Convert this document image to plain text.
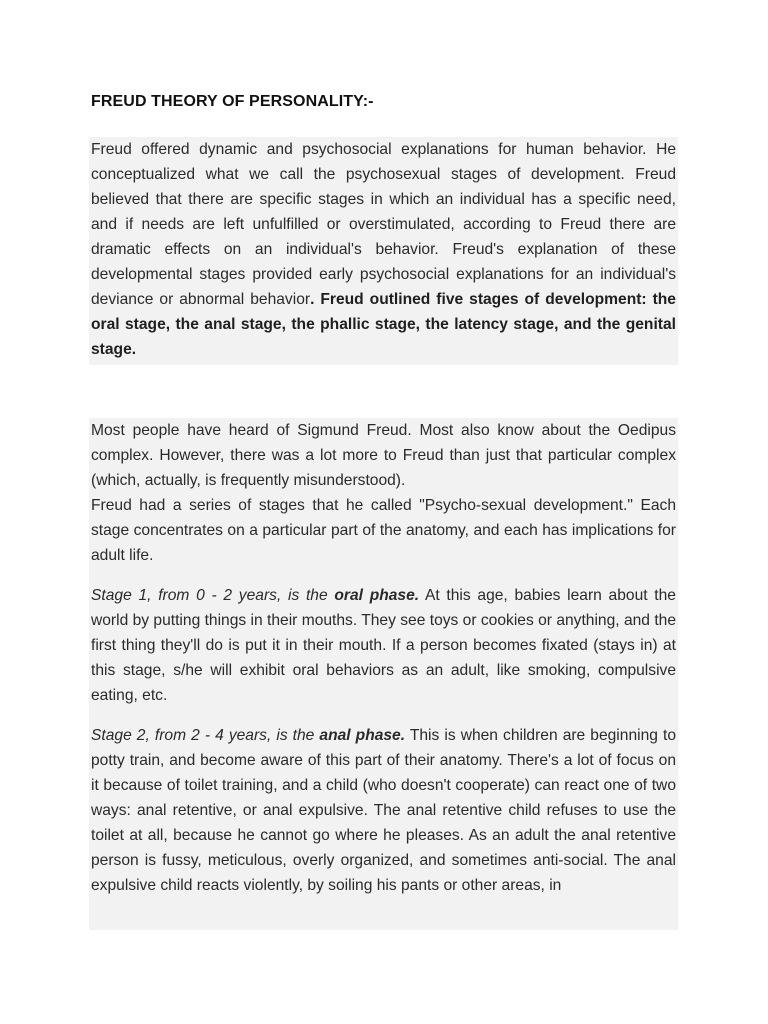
FREUD THEORY OF PERSONALITY:-

Freud offered dynamic and psychosocial explanations for human behavior. He conceptualized what we call the psychosexual stages of development. Freud believed that there are specific stages in which an individual has a specific need, and if needs are left unfulfilled or overstimulated, according to Freud there are dramatic effects on an individual's behavior. Freud's explanation of these developmental stages provided early psychosocial explanations for an individual's deviance or abnormal behavior. Freud outlined five stages of development: the oral stage, the anal stage, the phallic stage, the latency stage, and the genital stage.

Most people have heard of Sigmund Freud. Most also know about the Oedipus complex. However, there was a lot more to Freud than just that particular complex (which, actually, is frequently misunderstood).

Freud had a series of stages that he called "Psycho-sexual development." Each stage concentrates on a particular part of the anatomy, and each has implications for adult life.

Stage 1, from 0 - 2 years, is the oral phase. At this age, babies learn about the world by putting things in their mouths. They see toys or cookies or anything, and the first thing they'll do is put it in their mouth. If a person becomes fixated (stays in) at this stage, s/he will exhibit oral behaviors as an adult, like smoking, compulsive eating, etc.

Stage 2, from 2 - 4 years, is the anal phase. This is when children are beginning to potty train, and become aware of this part of their anatomy. There's a lot of focus on it because of toilet training, and a child (who doesn't cooperate) can react one of two ways: anal retentive, or anal expulsive. The anal retentive child refuses to use the toilet at all, because he cannot go where he pleases. As an adult the anal retentive person is fussy, meticulous, overly organized, and sometimes anti-social. The anal expulsive child reacts violently, by soiling his pants or other areas, in
